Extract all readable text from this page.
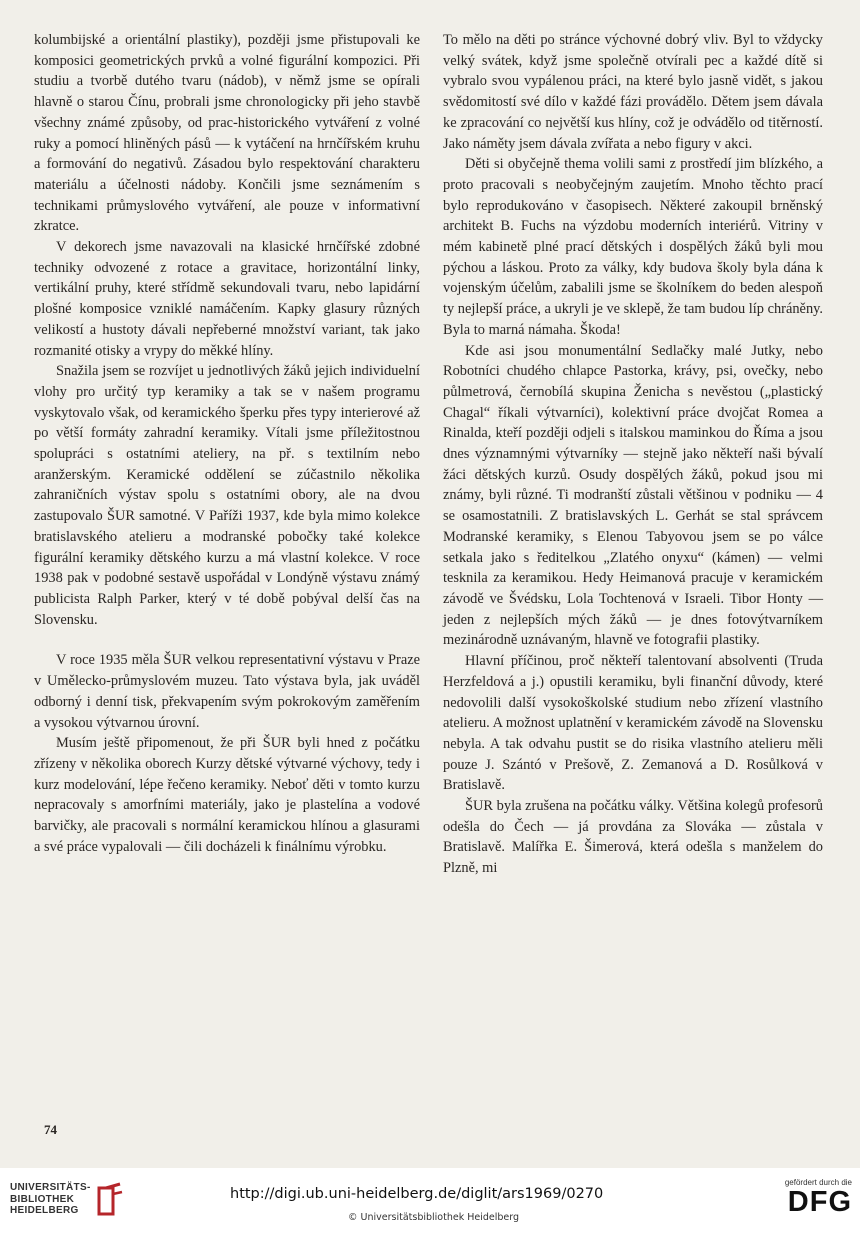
kolumbijské a orientální plastiky), později jsme přistupovali ke komposici geometrických prvků a volné figurální kompozici. Při studiu a tvorbě dutého tvaru (nádob), v němž jsme se opírali hlavně o starou Čínu, probrali jsme chronologicky při jeho stavbě všechny známé způsoby, od prac-historického vytváření z volné ruky a pomocí hliněných pásů — k vytáčení na hrnčířském kruhu a formování do negativů. Zásadou bylo respektování charakteru materiálu a účelnosti nádoby. Končili jsme seznámením s technikami průmyslového vytváření, ale pouze v informativní zkratce.

V dekorech jsme navazovali na klasické hrnčířské zdobné techniky odvozené z rotace a gravitace, horizontální linky, vertikální pruhy, které střídmě sekundovali tvaru, nebo lapidární plošné komposice vzniklé namáčením. Kapky glasury různých velikostí a hustoty dávali nepřeberné množství variant, tak jako rozmanité otisky a vrypy do měkké hlíny.

Snažila jsem se rozvíjet u jednotlivých žáků jejich individuelní vlohy pro určitý typ keramiky a tak se v našem programu vyskytovalo však, od keramického šperku přes typy interierové až po větší formáty zahradní keramiky. Vítali jsme příležitostnou spolupráci s ostatními ateliery, na př. s textilním nebo aranžerským. Keramické oddělení se zúčastnilo několika zahraničních výstav spolu s ostatními obory, ale na dvou zastupovalo ŠUR samotné. V Paříži 1937, kde byla mimo kolekce bratislavského atelieru a modranské pobočky také kolekce figurální keramiky dětského kurzu a má vlastní kolekce. V roce 1938 pak v podobné sestavě uspořádal v Londýně výstavu známý publicista Ralph Parker, který v té době pobýval delší čas na Slovensku.

V roce 1935 měla ŠUR velkou representativní výstavu v Praze v Umělecko-průmyslovém muzeu. Tato výstava byla, jak uváděl odborný i denní tisk, překvapením svým pokrokovým zaměřením a vysokou výtvarnou úrovní.

Musím ještě připomenout, že při ŠUR byli hned z počátku zřízeny v několika oborech Kurzy dětské výtvarné výchovy, tedy i kurz modelování, lépe řečeno keramiky. Neboť děti v tomto kurzu nepracovaly s amorfními materiály, jako je plastelína a vodové barvičky, ale pracovali s normální keramickou hlínou a glasurami a své práce vypalovali — čili docházeli k finálnímu výrobku.

To mělo na děti po stránce výchovné dobrý vliv. Byl to vždycky velký svátek, když jsme společně otvírali pec a každé dítě si vybralo svou vypálenou práci, na které bylo jasně vidět, s jakou svědomitostí své dílo v každé fázi provádělo. Dětem jsem dávala ke zpracování co největší kus hlíny, což je odvádělo od titěrností. Jako náměty jsem dávala zvířata a nebo figury v akci.

Děti si obyčejně thema volili sami z prostředí jim blízkého, a proto pracovali s neobyčejným zaujetím. Mnoho těchto prací bylo reprodukováno v časopisech. Některé zakoupil brněnský architekt B. Fuchs na výzdobu moderních interiérů. Vitriny v mém kabinetě plné prací dětských i dospělých žáků byli mou pýchou a láskou. Proto za války, kdy budova školy byla dána k vojenským účelům, zabalili jsme se školníkem do beden alespoň ty nejlepší práce, a ukryli je ve sklepě, že tam budou líp chráněny. Byla to marná námaha. Škoda!

Kde asi jsou monumentální Sedlačky malé Jutky, nebo Robotníci chudého chlapce Pastorka, krávy, psi, ovečky, nebo půlmetrová, černobílá skupina Ženicha s nevěstou („plastický Chagal“ říkali výtvarníci), kolektivní práce dvojčat Romea a Rinalda, kteří později odjeli s italskou maminkou do Říma a jsou dnes významnými výtvarníky — stejně jako někteří naši bývalí žáci dětských kurzů. Osudy dospělých žáků, pokud jsou mi známy, byli různé. Ti modranští zůstali většinou v podniku — 4 se osamostatnili. Z bratislavských L. Gerhát se stal správcem Modranské keramiky, s Elenou Tabyovou jsem se po válce setkala jako s ředitelkou „Zlatého onyxu“ (kámen) — velmi tesknila za keramikou. Hedy Heimanová pracuje v keramickém závodě ve Švédsku, Lola Tochtenová v Israeli. Tibor Honty — jeden z nejlepších mých žáků — je dnes fotovýtvarníkem mezinárodně uznávaným, hlavně ve fotografii plastiky.

Hlavní příčinou, proč někteří talentovaní absolventi (Truda Herzfeldová a j.) opustili keramiku, byli finanční důvody, které nedovolili další vysokoškolské studium nebo zřízení vlastního atelieru. A možnost uplatnění v keramickém závodě na Slovensku nebyla. A tak odvahu pustit se do risika vlastního atelieru měli pouze J. Szántó v Prešově, Z. Zemanová a D. Rosůlková v Bratislavě.

ŠUR byla zrušena na počátku války. Většina kolegů profesorů odešla do Čech — já provdána za Slováka — zůstala v Bratislavě. Malířka E. Šimerová, která odešla s manželem do Plzně, mi

74
UNIVERSITÄTS-
BIBLIOTHEK
HEIDELBERG
http://digi.ub.uni-heidelberg.de/diglit/ars1969/0270
© Universitätsbibliothek Heidelberg
gefördert durch die
DFG
